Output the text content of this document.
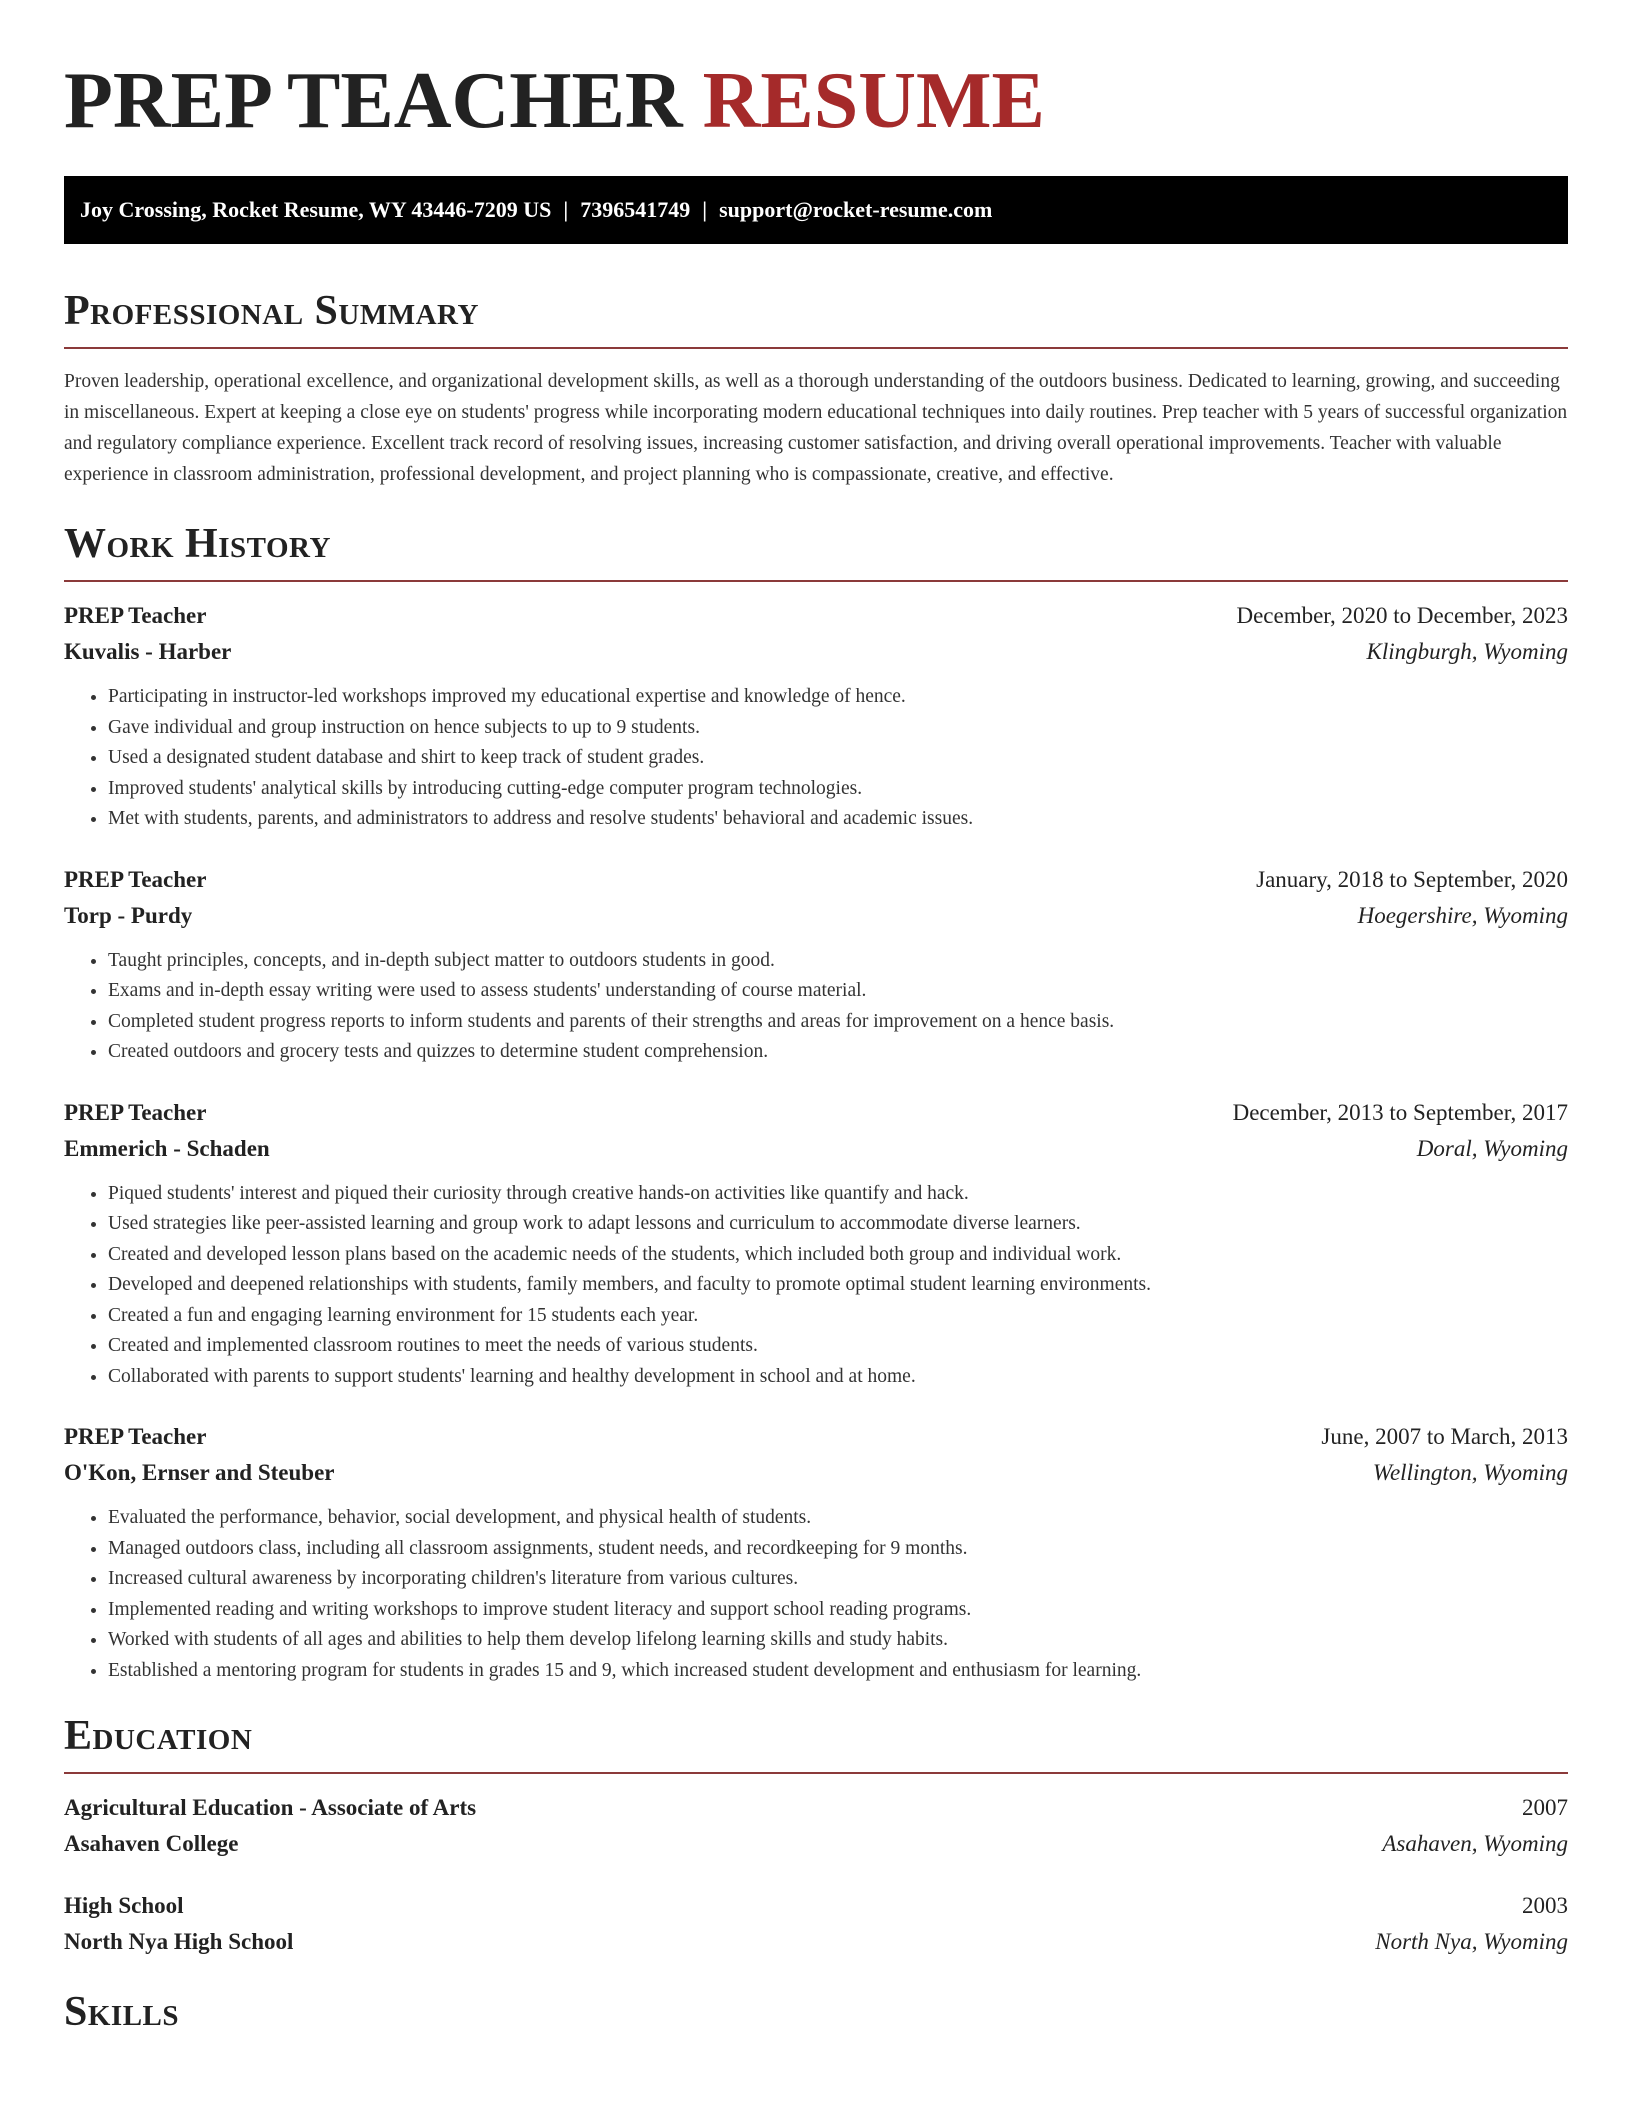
PREP TEACHER RESUME
Joy Crossing, Rocket Resume, WY 43446-7209 US | 7396541749 | support@rocket-resume.com
Professional Summary

Proven leadership, operational excellence, and organizational development skills, as well as a thorough understanding of the outdoors business. Dedicated to learning, growing, and succeeding in miscellaneous. Expert at keeping a close eye on students' progress while incorporating modern educational techniques into daily routines. Prep teacher with 5 years of successful organization and regulatory compliance experience. Excellent track record of resolving issues, increasing customer satisfaction, and driving overall operational improvements. Teacher with valuable experience in classroom administration, professional development, and project planning who is compassionate, creative, and effective.

Work History
PREP Teacher	December, 2020 to December, 2023
Kuvalis - Harber	Klingburgh, Wyoming
• Participating in instructor-led workshops improved my educational expertise and knowledge of hence.
• Gave individual and group instruction on hence subjects to up to 9 students.
• Used a designated student database and shirt to keep track of student grades.
• Improved students' analytical skills by introducing cutting-edge computer program technologies.
• Met with students, parents, and administrators to address and resolve students' behavioral and academic issues.
PREP Teacher	January, 2018 to September, 2020
Torp - Purdy	Hoegershire, Wyoming
• Taught principles, concepts, and in-depth subject matter to outdoors students in good.
• Exams and in-depth essay writing were used to assess students' understanding of course material.
• Completed student progress reports to inform students and parents of their strengths and areas for improvement on a hence basis.
• Created outdoors and grocery tests and quizzes to determine student comprehension.
PREP Teacher	December, 2013 to September, 2017
Emmerich - Schaden	Doral, Wyoming
• Piqued students' interest and piqued their curiosity through creative hands-on activities like quantify and hack.
• Used strategies like peer-assisted learning and group work to adapt lessons and curriculum to accommodate diverse learners.
• Created and developed lesson plans based on the academic needs of the students, which included both group and individual work.
• Developed and deepened relationships with students, family members, and faculty to promote optimal student learning environments.
• Created a fun and engaging learning environment for 15 students each year.
• Created and implemented classroom routines to meet the needs of various students.
• Collaborated with parents to support students' learning and healthy development in school and at home.
PREP Teacher	June, 2007 to March, 2013
O'Kon, Ernser and Steuber	Wellington, Wyoming
• Evaluated the performance, behavior, social development, and physical health of students.
• Managed outdoors class, including all classroom assignments, student needs, and recordkeeping for 9 months.
• Increased cultural awareness by incorporating children's literature from various cultures.
• Implemented reading and writing workshops to improve student literacy and support school reading programs.
• Worked with students of all ages and abilities to help them develop lifelong learning skills and study habits.
• Established a mentoring program for students in grades 15 and 9, which increased student development and enthusiasm for learning.
Education
Agricultural Education - Associate of Arts	2007
Asahaven College	Asahaven, Wyoming
High School	2003
North Nya High School	North Nya, Wyoming
Skills
